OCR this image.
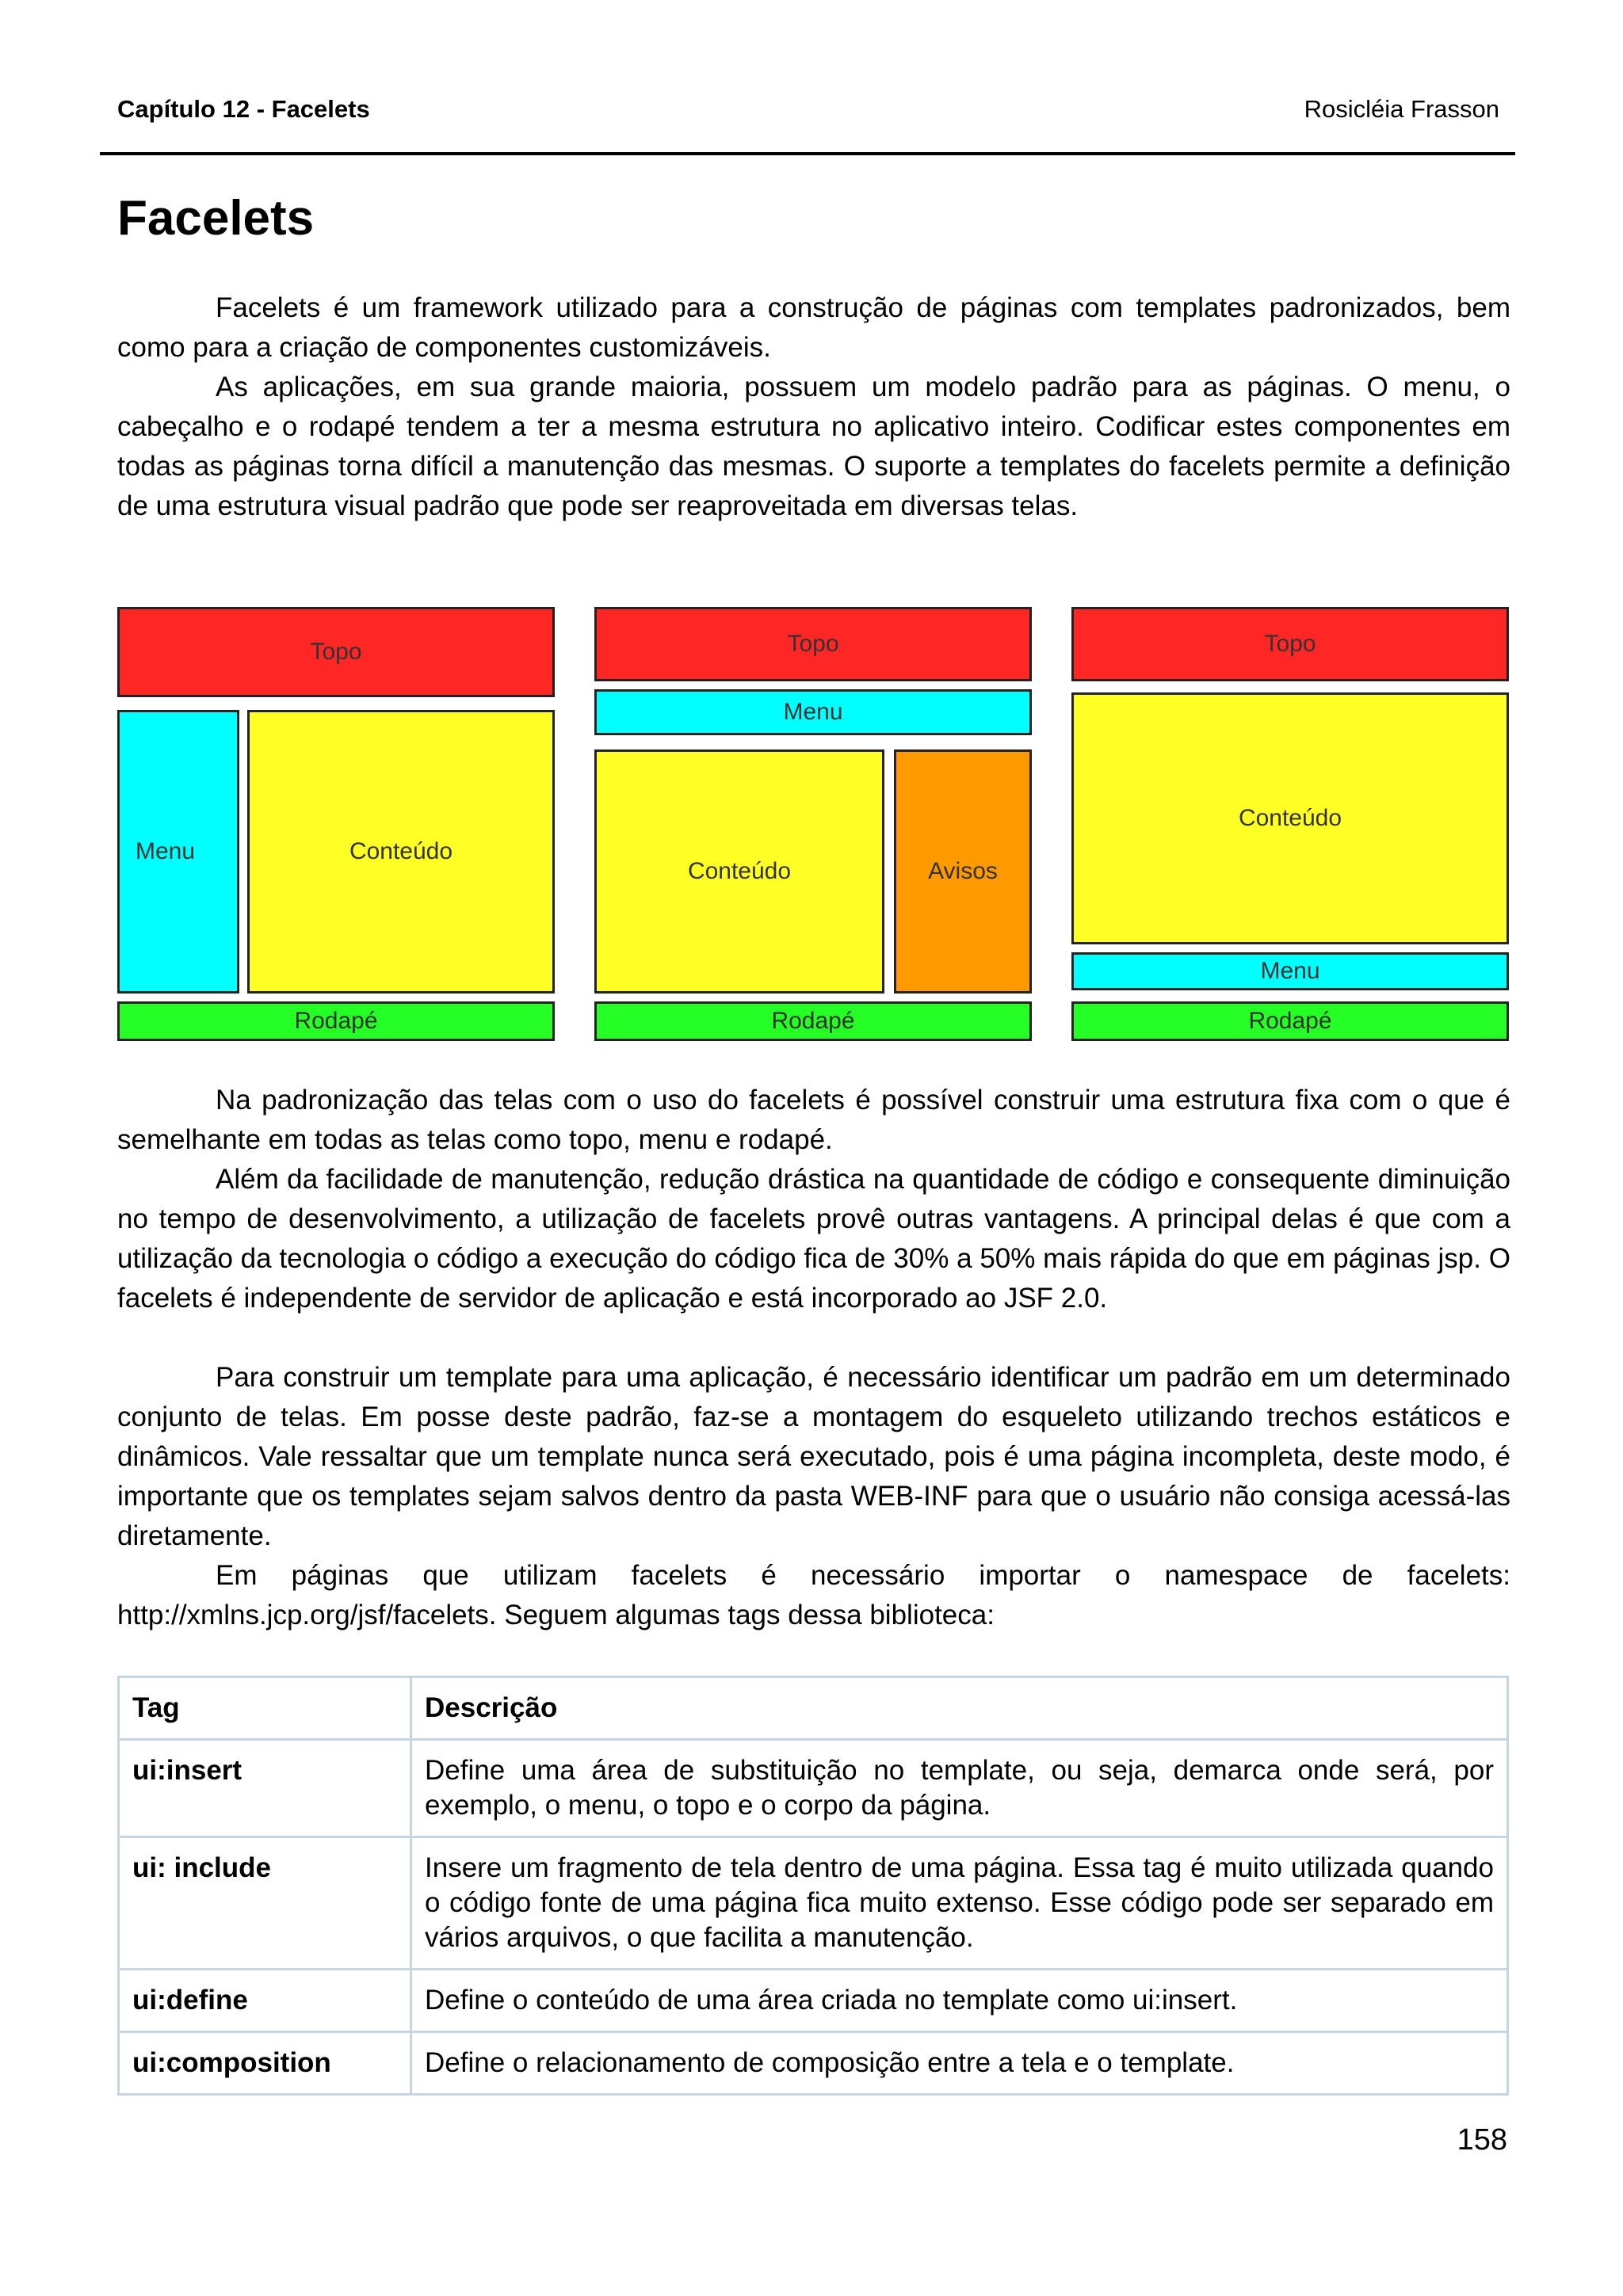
Capítulo 12 - Facelets	Rosicléia Frasson
Facelets

Facelets é um framework utilizado para a construção de páginas com templates padronizados, bem como para a criação de componentes customizáveis.

As aplicações, em sua grande maioria, possuem um modelo padrão para as páginas. O menu, o cabeçalho e o rodapé tendem a ter a mesma estrutura no aplicativo inteiro. Codificar estes componentes em todas as páginas torna difícil a manutenção das mesmas. O suporte a templates do facelets permite a definição de uma estrutura visual padrão que pode ser reaproveitada em diversas telas.

Topo
Menu	Conteúdo
Rodapé
Topo
Menu
Conteúdo	Avisos
Rodapé
Topo
Conteúdo
Menu
Rodapé

Na padronização das telas com o uso do facelets é possível construir uma estrutura fixa com o que é semelhante em todas as telas como topo, menu e rodapé.

Além da facilidade de manutenção, redução drástica na quantidade de código e consequente diminuição no tempo de desenvolvimento, a utilização de facelets provê outras vantagens. A principal delas é que com a utilização da tecnologia o código a execução do código fica de 30% a 50% mais rápida do que em páginas jsp. O facelets é independente de servidor de aplicação e está incorporado ao JSF 2.0.

Para construir um template para uma aplicação, é necessário identificar um padrão em um determinado conjunto de telas. Em posse deste padrão, faz-se a montagem do esqueleto utilizando trechos estáticos e dinâmicos. Vale ressaltar que um template nunca será executado, pois é uma página incompleta, deste modo, é importante que os templates sejam salvos dentro da pasta WEB-INF para que o usuário não consiga acessá-las diretamente.

Em páginas que utilizam facelets é necessário importar o namespace de facelets: http://xmlns.jcp.org/jsf/facelets. Seguem algumas tags dessa biblioteca:

Tag	Descrição
ui:insert	Define uma área de substituição no template, ou seja, demarca onde será, por exemplo, o menu, o topo e o corpo da página.
ui: include	Insere um fragmento de tela dentro de uma página. Essa tag é muito utilizada quando o código fonte de uma página fica muito extenso. Esse código pode ser separado em vários arquivos, o que facilita a manutenção.
ui:define	Define o conteúdo de uma área criada no template como ui:insert.
ui:composition	Define o relacionamento de composição entre a tela e o template.
158
